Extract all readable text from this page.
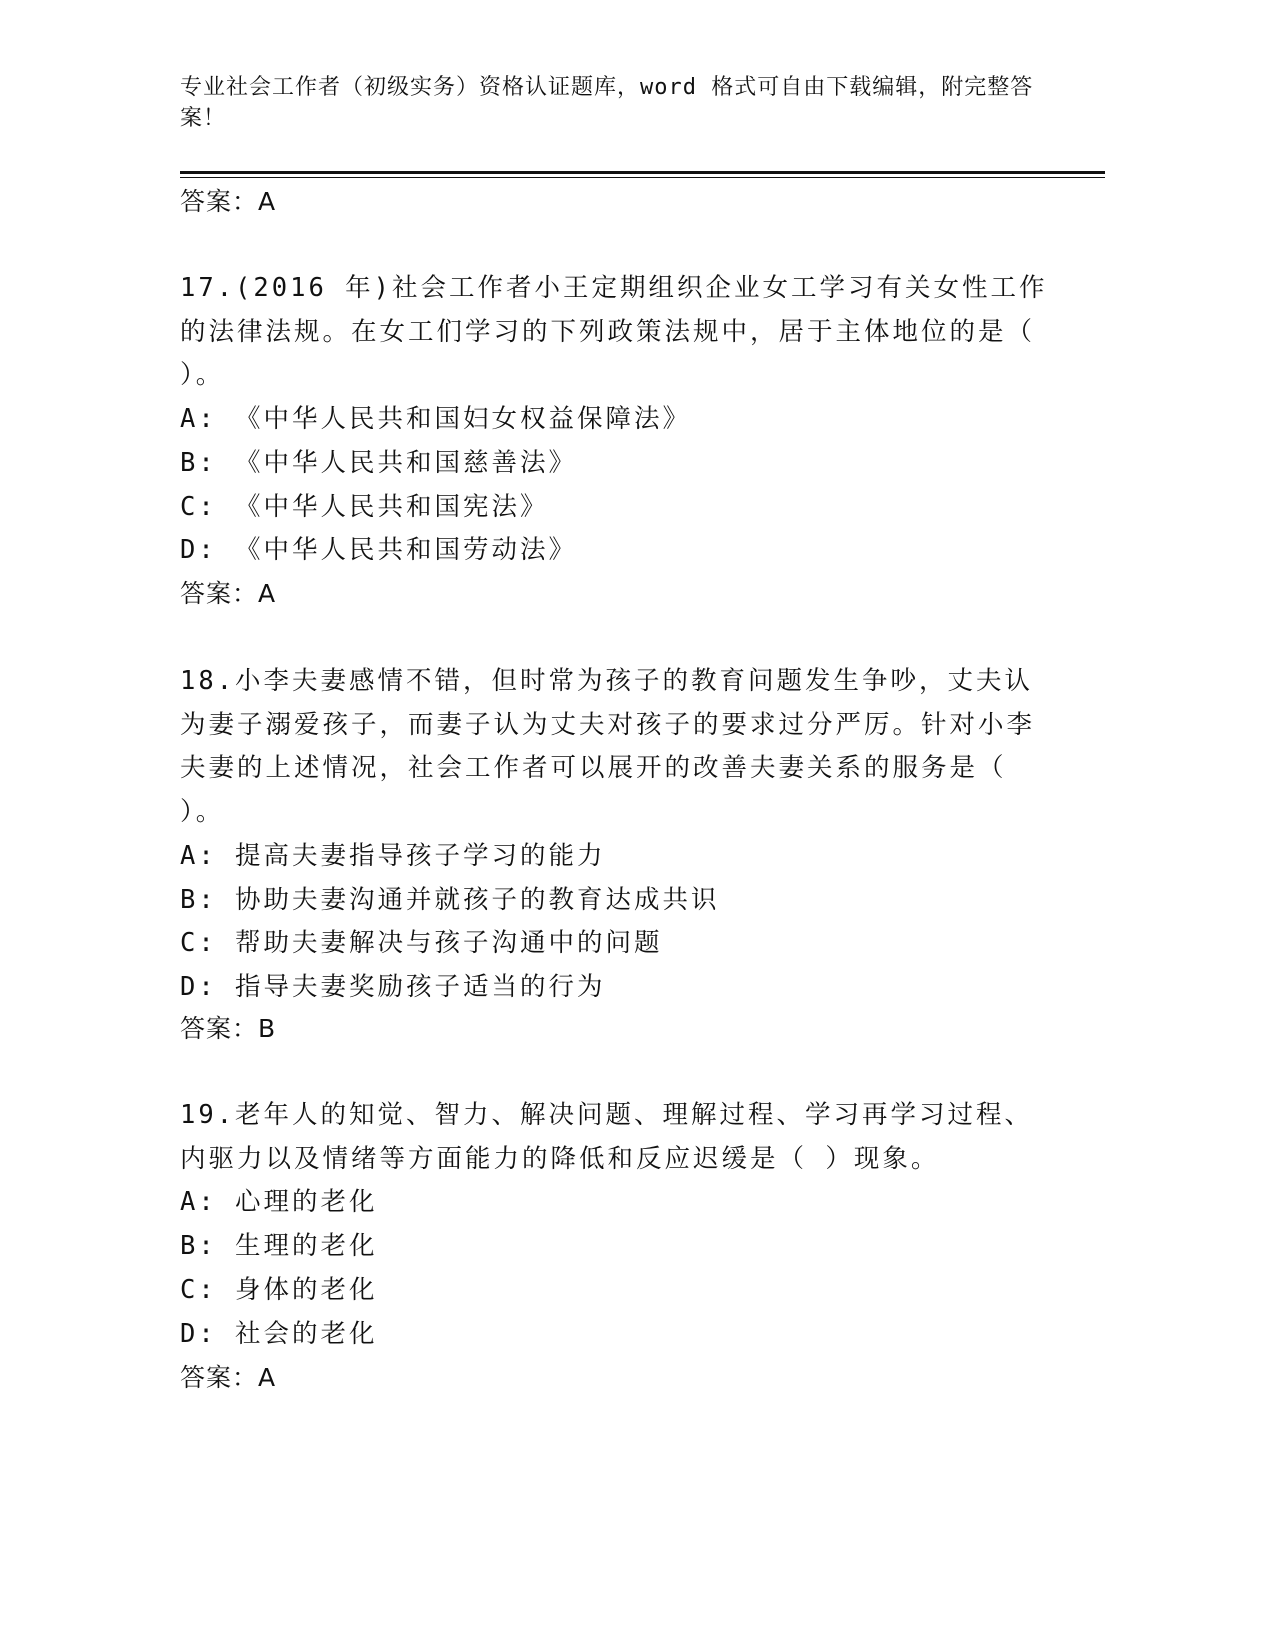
专业社会工作者（初级实务）资格认证题库，word 格式可自由下载编辑，附完整答案！
答案：A
17.(2016 年)社会工作者小王定期组织企业女工学习有关女性工作的法律法规。在女工们学习的下列政策法规中，居于主体地位的是（
）。
A: 《中华人民共和国妇女权益保障法》
B: 《中华人民共和国慈善法》
C: 《中华人民共和国宪法》
D: 《中华人民共和国劳动法》
答案：A
18.小李夫妻感情不错，但时常为孩子的教育问题发生争吵，丈夫认为妻子溺爱孩子，而妻子认为丈夫对孩子的要求过分严厉。针对小李夫妻的上述情况，社会工作者可以展开的改善夫妻关系的服务是（
）。
A: 提高夫妻指导孩子学习的能力
B: 协助夫妻沟通并就孩子的教育达成共识
C: 帮助夫妻解决与孩子沟通中的问题
D: 指导夫妻奖励孩子适当的行为
答案：B
19.老年人的知觉、智力、解决问题、理解过程、学习再学习过程、内驱力以及情绪等方面能力的降低和反应迟缓是（ ）现象。
A: 心理的老化
B: 生理的老化
C: 身体的老化
D: 社会的老化
答案：A
